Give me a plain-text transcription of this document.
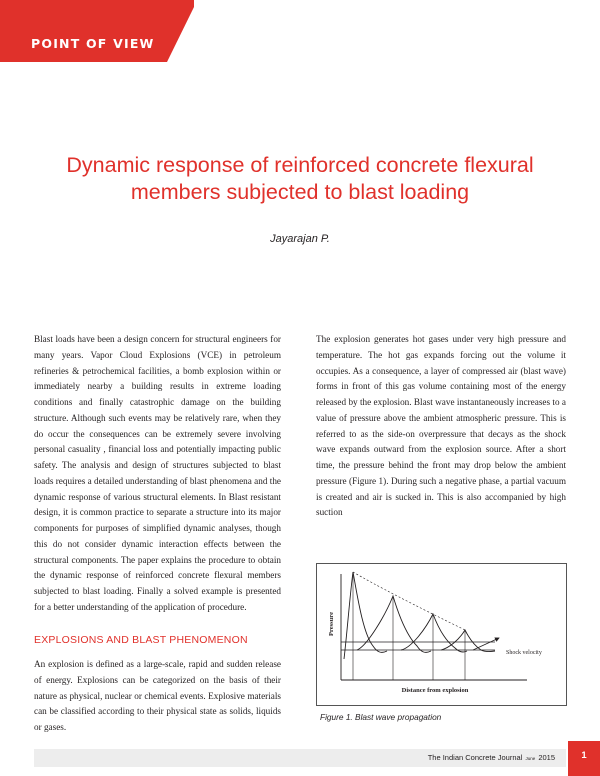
POINT OF VIEW
Dynamic response of reinforced concrete flexural
members subjected to blast loading
Jayarajan P.

Blast loads have been a design concern for structural engineers for many years. Vapor Cloud Explosions (VCE) in petroleum refineries & petrochemical facilities, a bomb explosion within or immediately nearby a building results in extreme loading conditions and finally catastrophic damage on the building structure. Although such events may be relatively rare, when they do occur the consequences can be extremely severe involving personal casuality , financial loss and potentially impacting public safety. The analysis and design of structures subjected to blast loads requires a detailed understanding of blast phenomena and the dynamic response of various structural elements. In Blast resistant design, it is common practice to separate a structure into its major components for purposes of simplified dynamic analyses, though this do not consider dynamic interaction effects between the structural components. The paper explains the procedure to obtain the dynamic response of reinforced concrete flexural members subjected to blast loading. Finally a solved example is presented for a better understanding of the application of procedure.

EXPLOSIONS AND BLAST PHENOMENON

An explosion is defined as a large-scale, rapid and sudden release of energy. Explosions can be categorized on the basis of their nature as physical, nuclear or chemical events. Explosive materials can be classified according to their physical state as solids, liquids or gases.

The explosion generates hot gases under very high pressure and temperature. The hot gas expands forcing out the volume it occupies. As a consequence, a layer of compressed air (blast wave) forms in front of this gas volume containing most of the energy released by the explosion. Blast wave instantaneously increases to a value of pressure above the ambient atmospheric pressure. This is referred to as the side-on overpressure that decays as the shock wave expands outward from the explosion source. After a short time, the pressure behind the front may drop below the ambient pressure (Figure 1). During such a negative phase, a partial vacuum is created and air is sucked in. This is also accompanied by high suction

Pressure
Shock velocity
Distance from explosion
Figure 1. Blast wave propagation
The Indian Concrete Journal June 2015	1
